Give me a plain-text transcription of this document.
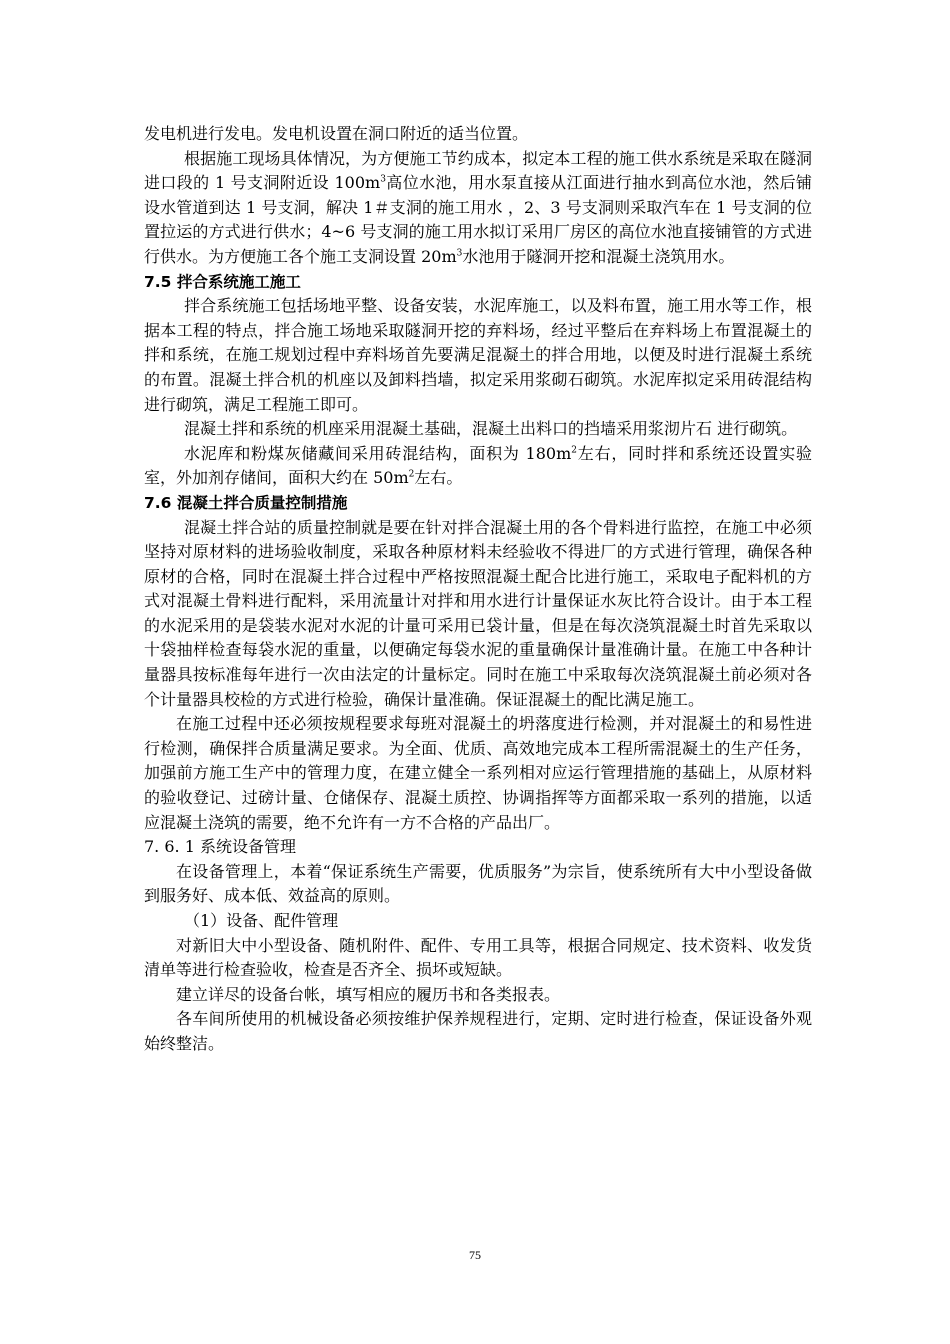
发电机进行发电。发电机设置在洞口附近的适当位置。

根据施工现场具体情况，为方便施工节约成本，拟定本工程的施工供水系统是采取在隧洞进口段的 1 号支洞附近设 $100m^3$高位水池，用水泵直接从江面进行抽水到高位水池，然后铺设水管道到达 1 号支洞，解决 1＃支洞的施工用水 ，2、3 号支洞则采取汽车在 1 号支洞的位置拉运的方式进行供水；4~6 号支洞的施工用水拟订采用厂房区的高位水池直接铺管的方式进行供水。为方便施工各个施工支洞设置 $20m^3$水池用于隧洞开挖和混凝土浇筑用水。

7.5 拌合系统施工施工

拌合系统施工包括场地平整、设备安装，水泥库施工，以及料布置，施工用水等工作，根据本工程的特点，拌合施工场地采取隧洞开挖的弃料场，经过平整后在弃料场上布置混凝土的拌和系统，在施工规划过程中弃料场首先要满足混凝土的拌合用地，以便及时进行混凝土系统的布置。混凝土拌合机的机座以及卸料挡墙，拟定采用浆砌石砌筑。水泥库拟定采用砖混结构进行砌筑，满足工程施工即可。

混凝土拌和系统的机座采用混凝土基础，混凝土出料口的挡墙采用浆沏片石 进行砌筑。

水泥库和粉煤灰储藏间采用砖混结构，面积为 $180m^2$左右，同时拌和系统还设置实验室，外加剂存储间，面积大约在 $50m^2$左右。

7.6 混凝土拌合质量控制措施

混凝土拌合站的质量控制就是要在针对拌合混凝土用的各个骨料进行监控，在施工中必须坚持对原材料的进场验收制度，采取各种原材料未经验收不得进厂的方式进行管理，确保各种原材的合格，同时在混凝土拌合过程中严格按照混凝土配合比进行施工，采取电子配料机的方式对混凝土骨料进行配料，采用流量计对拌和用水进行计量保证水灰比符合设计。由于本工程的水泥采用的是袋装水泥对水泥的计量可采用已袋计量，但是在每次浇筑混凝土时首先采取以十袋抽样检查每袋水泥的重量，以便确定每袋水泥的重量确保计量准确计量。在施工中各种计量器具按标准每年进行一次由法定的计量标定。同时在施工中采取每次浇筑混凝土前必须对各个计量器具校检的方式进行检验，确保计量准确。保证混凝土的配比满足施工。

在施工过程中还必须按规程要求每班对混凝土的坍落度进行检测，并对混凝土的和易性进行检测，确保拌合质量满足要求。为全面、优质、高效地完成本工程所需混凝土的生产任务，加强前方施工生产中的管理力度，在建立健全一系列相对应运行管理措施的基础上，从原材料的验收登记、过磅计量、仓储保存、混凝土质控、协调指挥等方面都采取一系列的措施，以适应混凝土浇筑的需要，绝不允许有一方不合格的产品出厂。

7. 6. 1 系统设备管理

在设备管理上，本着“保证系统生产需要，优质服务”为宗旨，使系统所有大中小型设备做到服务好、成本低、效益高的原则。

（1）设备、配件管理

对新旧大中小型设备、随机附件、配件、专用工具等，根据合同规定、技术资料、收发货清单等进行检查验收，检查是否齐全、损坏或短缺。

建立详尽的设备台帐，填写相应的履历书和各类报表。

各车间所使用的机械设备必须按维护保养规程进行，定期、定时进行检查，保证设备外观始终整洁。

75
